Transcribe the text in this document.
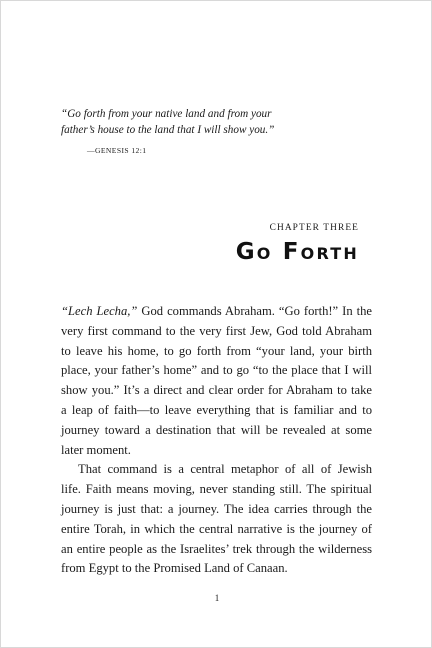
“Go forth from your native land and from your
father’s house to the land that I will show you.”

—GENESIS 12:1

CHAPTER THREE
Go Forth
“Lech Lecha,” God commands Abraham. “Go forth!” In the
very first command to the very first Jew, God told Abraham
to leave his home, to go forth from “your land, your birth
place, your father’s home” and to go “to the place that I will
show you.” It’s a direct and clear order for Abraham to take
a leap of faith—to leave everything that is familiar and to
journey toward a destination that will be revealed at some
later moment.
That command is a central metaphor of all of Jewish
life. Faith means moving, never standing still. The spiritual
journey is just that: a journey. The idea carries through the
entire Torah, in which the central narrative is the journey of
an entire people as the Israelites’ trek through the wilderness
from Egypt to the Promised Land of Canaan.
1
